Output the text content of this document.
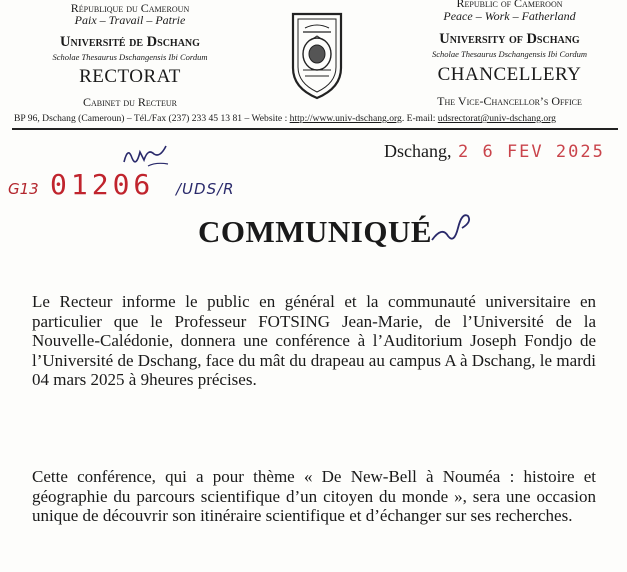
République du Cameroun
Paix – Travail – Patrie
Université de Dschang
Scholae Thesaurus Dschangensis Ibi Cordum
RECTORAT
Cabinet du Recteur
Republic of Cameroon
Peace – Work – Fatherland
University of Dschang
Scholae Thesaurus Dschangensis Ibi Cordum
CHANCELLERY
The Vice-Chancellor’s Office
BP 96, Dschang (Cameroun) – Tél./Fax (237) 233 45 13 81 – Website : http://www.univ-dschang.org. E-mail: udsrectorat@univ-dschang.org
Dschang, 2 6 FEV 2025
G13 01206 /UDS/R
COMMUNIQUÉ
Le Recteur informe le public en général et la communauté universitaire en particulier que le Professeur FOTSING Jean-Marie, de l’Université de la Nouvelle-Calédonie, donnera une conférence à l’Auditorium Joseph Fondjo de l’Université de Dschang, face du mât du drapeau au campus A à Dschang, le mardi 04 mars 2025 à 9heures précises.
Cette conférence, qui a pour thème « De New-Bell à Nouméa : histoire et géographie du parcours scientifique d’un citoyen du monde », sera une occasion unique de découvrir son itinéraire scientifique et d’échanger sur ses recherches.
